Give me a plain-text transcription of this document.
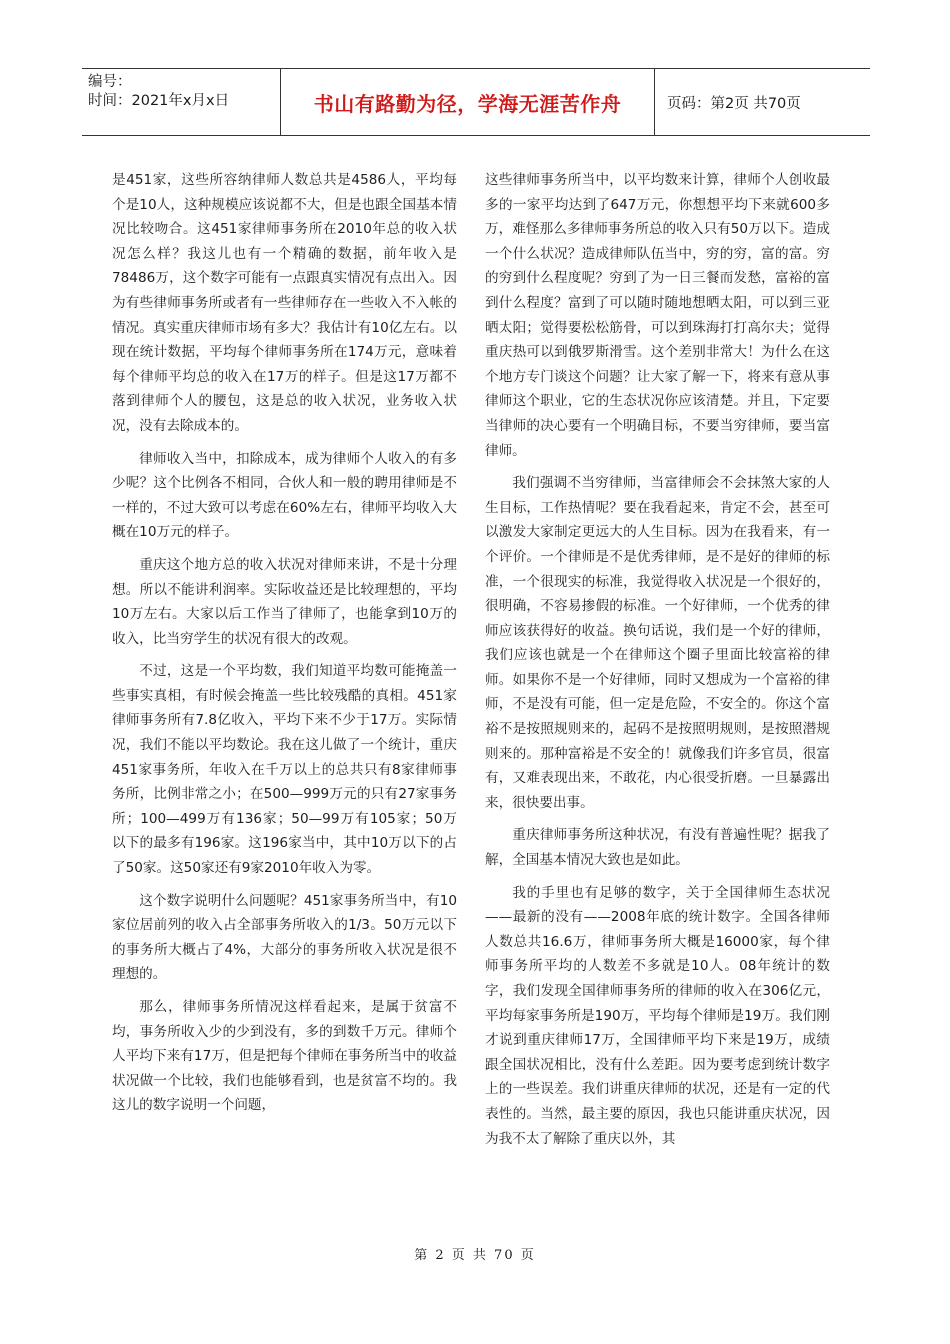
编号：
时间：2021年x月x日	书山有路勤为径，学海无涯苦作舟	页码：第2页 共70页

是451家，这些所容纳律师人数总共是4586人，平均每个是10人，这种规模应该说都不大，但是也跟全国基本情况比较吻合。这451家律师事务所在2010年总的收入状况怎么样？我这儿也有一个精确的数据，前年收入是78486万，这个数字可能有一点跟真实情况有点出入。因为有些律师事务所或者有一些律师存在一些收入不入帐的情况。真实重庆律师市场有多大？我估计有10亿左右。以现在统计数据，平均每个律师事务所在174万元，意味着每个律师平均总的收入在17万的样子。但是这17万都不落到律师个人的腰包，这是总的收入状况，业务收入状况，没有去除成本的。

律师收入当中，扣除成本，成为律师个人收入的有多少呢？这个比例各不相同，合伙人和一般的聘用律师是不一样的，不过大致可以考虑在60%左右，律师平均收入大概在10万元的样子。

重庆这个地方总的收入状况对律师来讲，不是十分理想。所以不能讲利润率。实际收益还是比较理想的，平均10万左右。大家以后工作当了律师了，也能拿到10万的收入，比当穷学生的状况有很大的改观。

不过，这是一个平均数，我们知道平均数可能掩盖一些事实真相，有时候会掩盖一些比较残酷的真相。451家律师事务所有7.8亿收入，平均下来不少于17万。实际情况，我们不能以平均数论。我在这儿做了一个统计，重庆451家事务所，年收入在千万以上的总共只有8家律师事务所，比例非常之小；在500—999万元的只有27家事务所；100—499万有136家；50—99万有105家；50万以下的最多有196家。这196家当中，其中10万以下的占了50家。这50家还有9家2010年收入为零。

这个数字说明什么问题呢？451家事务所当中，有10家位居前列的收入占全部事务所收入的1/3。50万元以下的事务所大概占了4%，大部分的事务所收入状况是很不理想的。

那么，律师事务所情况这样看起来，是属于贫富不均，事务所收入少的少到没有，多的到数千万元。律师个人平均下来有17万，但是把每个律师在事务所当中的收益状况做一个比较，我们也能够看到，也是贫富不均的。我这儿的数字说明一个问题，

这些律师事务所当中，以平均数来计算，律师个人创收最多的一家平均达到了647万元，你想想平均下来就600多万，难怪那么多律师事务所总的收入只有50万以下。造成一个什么状况？造成律师队伍当中，穷的穷，富的富。穷的穷到什么程度呢？穷到了为一日三餐而发愁，富裕的富到什么程度？富到了可以随时随地想晒太阳，可以到三亚晒太阳；觉得要松松筋骨，可以到珠海打打高尔夫；觉得重庆热可以到俄罗斯滑雪。这个差别非常大！为什么在这个地方专门谈这个问题？让大家了解一下，将来有意从事律师这个职业，它的生态状况你应该清楚。并且，下定要当律师的决心要有一个明确目标，不要当穷律师，要当富律师。

我们强调不当穷律师，当富律师会不会抹煞大家的人生目标，工作热情呢？要在我看起来，肯定不会，甚至可以激发大家制定更远大的人生目标。因为在我看来，有一个评价。一个律师是不是优秀律师，是不是好的律师的标准，一个很现实的标准，我觉得收入状况是一个很好的，很明确，不容易掺假的标准。一个好律师，一个优秀的律师应该获得好的收益。换句话说，我们是一个好的律师，我们应该也就是一个在律师这个圈子里面比较富裕的律师。如果你不是一个好律师，同时又想成为一个富裕的律师，不是没有可能，但一定是危险，不安全的。你这个富裕不是按照规则来的，起码不是按照明规则，是按照潜规则来的。那种富裕是不安全的！就像我们许多官员，很富有，又难表现出来，不敢花，内心很受折磨。一旦暴露出来，很快要出事。

重庆律师事务所这种状况，有没有普遍性呢？据我了解，全国基本情况大致也是如此。

我的手里也有足够的数字，关于全国律师生态状况——最新的没有——2008年底的统计数字。全国各律师人数总共16.6万，律师事务所大概是16000家，每个律师事务所平均的人数差不多就是10人。08年统计的数字，我们发现全国律师事务所的律师的收入在306亿元，平均每家事务所是190万，平均每个律师是19万。我们刚才说到重庆律师17万，全国律师平均下来是19万，成绩跟全国状况相比，没有什么差距。因为要考虑到统计数字上的一些误差。我们讲重庆律师的状况，还是有一定的代表性的。当然，最主要的原因，我也只能讲重庆状况，因为我不太了解除了重庆以外，其

第 2 页 共 70 页
